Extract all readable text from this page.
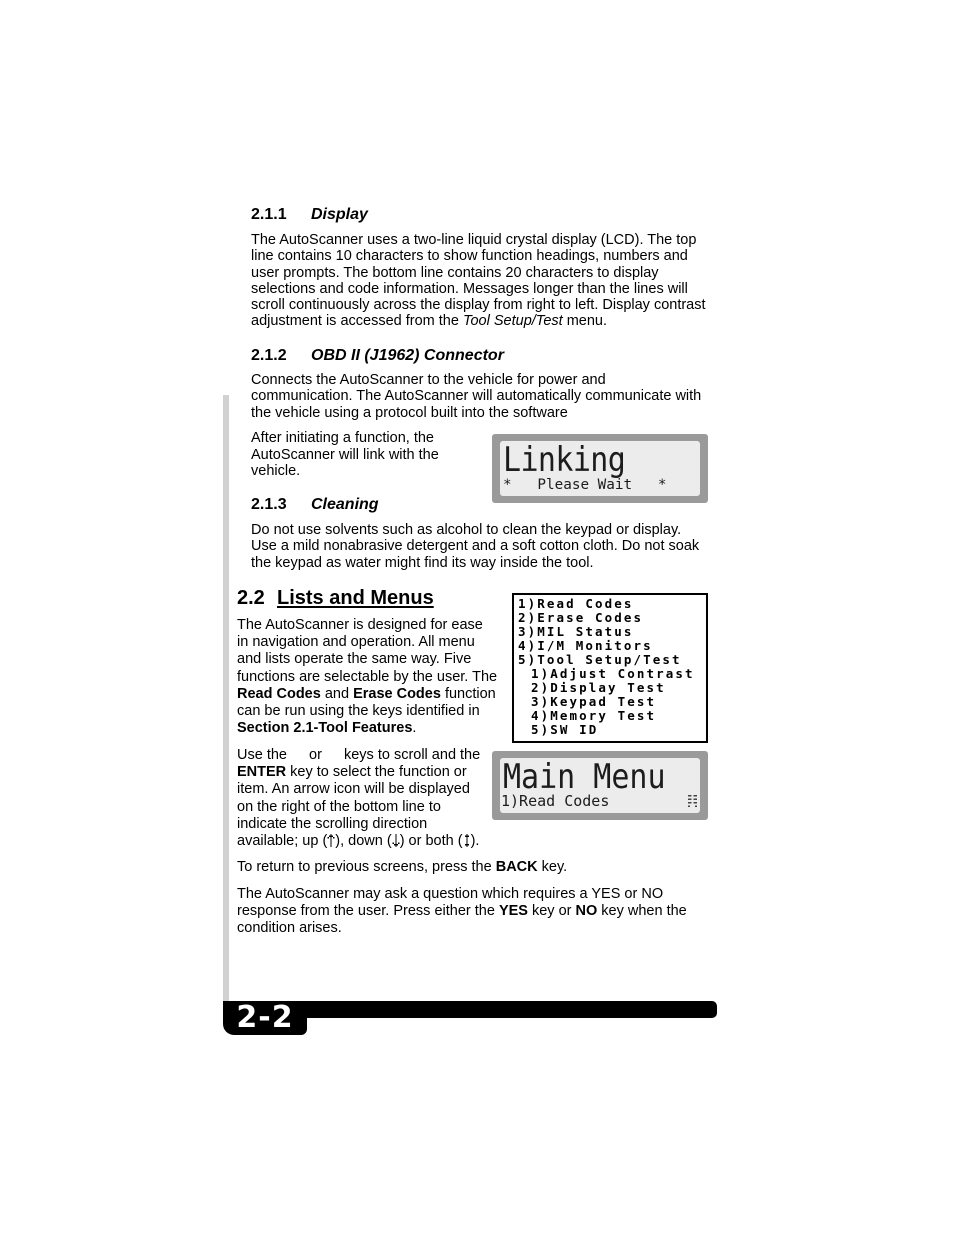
2.1.1 Display

The AutoScanner uses a two-line liquid crystal display (LCD). The top line contains 10 characters to show function headings, numbers and user prompts. The bottom line contains 20 characters to display selections and code information. Messages longer than the lines will scroll continuously across the display from right to left. Display contrast adjustment is accessed from the Tool Setup/Test menu.

2.1.2 OBD II (J1962) Connector

Connects the AutoScanner to the vehicle for power and communication. The AutoScanner will automatically communicate with the vehicle using a protocol built into the software

After initiating a function, the AutoScanner will link with the vehicle.	Linking
*   Please Wait   *
2.1.3 Cleaning

Do not use solvents such as alcohol to clean the keypad or display. Use a mild nonabrasive detergent and a soft cotton cloth. Do not soak the keypad as water might find its way inside the tool.

2.2 Lists and Menus

The AutoScanner is designed for ease
in navigation and operation. All menu
and lists operate the same way. Five
functions are selectable by the user. The
Read Codes and Erase Codes function
can be run using the keys identified in
Section 2.1-Tool Features.

1)Read Codes
2)Erase Codes
3)MIL Status
4)I/M Monitors
5)Tool Setup/Test
1)Adjust Contrast
2)Display Test
3)Keypad Test
4)Memory Test
5)SW ID

Use the  or  keys to scroll and the
ENTER key to select the function or
item. An arrow icon will be displayed
on the right of the bottom line to
indicate the scrolling direction
available; up ( ), down ( ) or both ( ).

Main Menu
1)Read Codes

To return to previous screens, press the BACK key.

The AutoScanner may ask a question which requires a YES or NO response from the user. Press either the YES key or NO key when the condition arises.

2-2
